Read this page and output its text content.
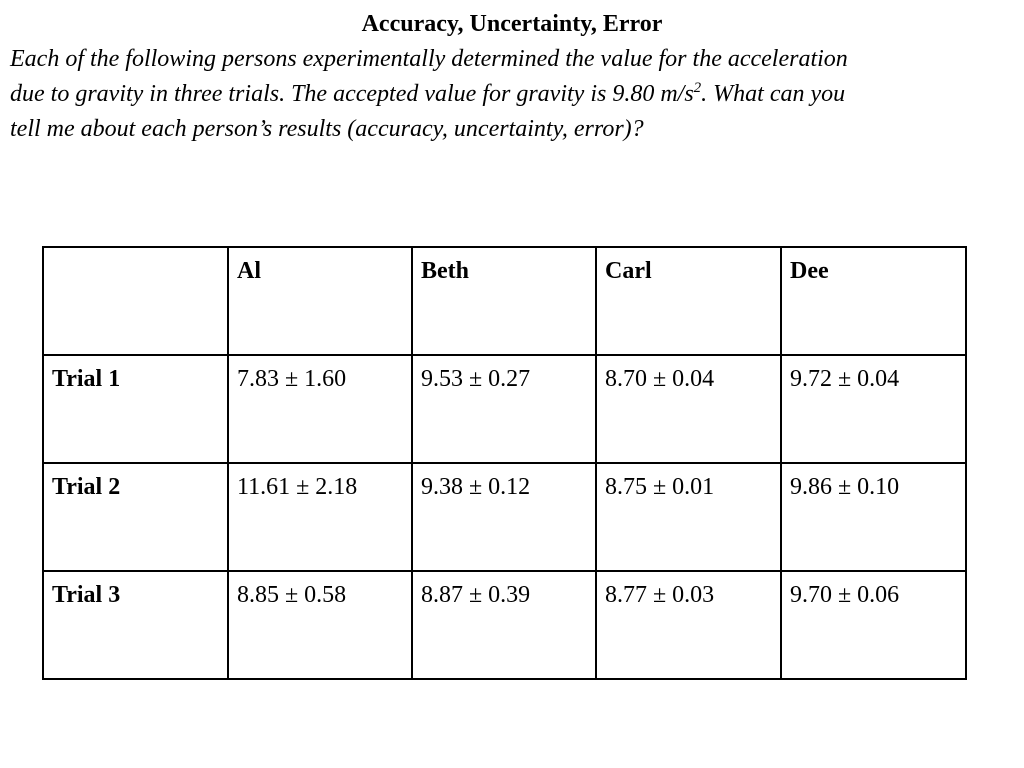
Accuracy, Uncertainty, Error
Each of the following persons experimentally determined the value for the acceleration
due to gravity in three trials. The accepted value for gravity is 9.80 $m/s^2$. What can you
tell me about each person’s results (accuracy, uncertainty, error)?
	Al	Beth	Carl	Dee
Trial 1	7.83 ± 1.60	9.53 ± 0.27	8.70 ± 0.04	9.72 ± 0.04
Trial 2	11.61 ± 2.18	9.38 ± 0.12	8.75 ± 0.01	9.86 ± 0.10
Trial 3	8.85 ± 0.58	8.87 ± 0.39	8.77 ± 0.03	9.70 ± 0.06
